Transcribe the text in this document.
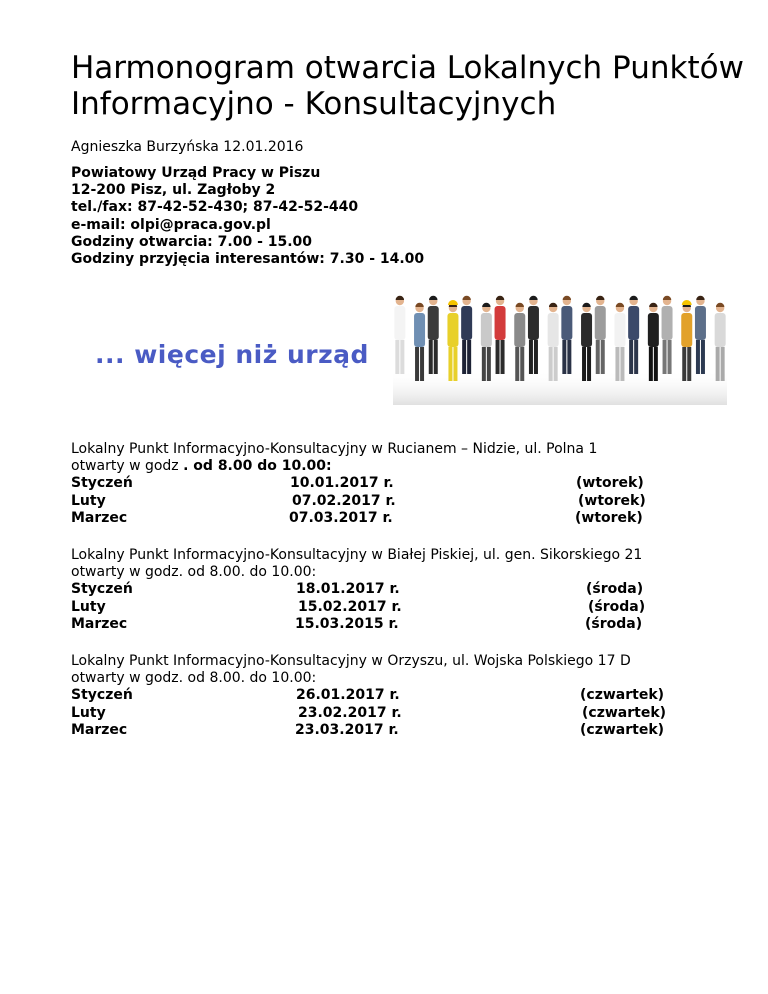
Harmonogram otwarcia Lokalnych Punktów Informacyjno - Konsultacyjnych
Agnieszka Burzyńska 12.01.2016
Powiatowy Urząd Pracy w Piszu
12-200 Pisz, ul. Zagłoby 2
tel./fax: 87-42-52-430; 87-42-52-440
e-mail: olpi@praca.gov.pl
Godziny otwarcia: 7.00 - 15.00
Godziny przyjęcia interesantów: 7.30 - 14.00
... więcej niż urząd
Lokalny Punkt Informacyjno-Konsultacyjny w Rucianem – Nidzie, ul. Polna 1
otwarty w godz . od 8.00 do 10.00:
Styczeń	10.01.2017 r.	(wtorek)
Luty	07.02.2017 r.	(wtorek)
Marzec	07.03.2017 r.	(wtorek)
Lokalny Punkt Informacyjno-Konsultacyjny w Białej Piskiej, ul. gen. Sikorskiego 21
otwarty w godz. od 8.00. do 10.00:
Styczeń	18.01.2017 r.	(środa)
Luty	15.02.2017 r.	(środa)
Marzec	15.03.2015 r.	(środa)
Lokalny Punkt Informacyjno-Konsultacyjny w Orzyszu, ul. Wojska Polskiego 17 D
otwarty w godz. od 8.00. do 10.00:
Styczeń	26.01.2017 r.	(czwartek)
Luty	23.02.2017 r.	(czwartek)
Marzec	23.03.2017 r.	(czwartek)
